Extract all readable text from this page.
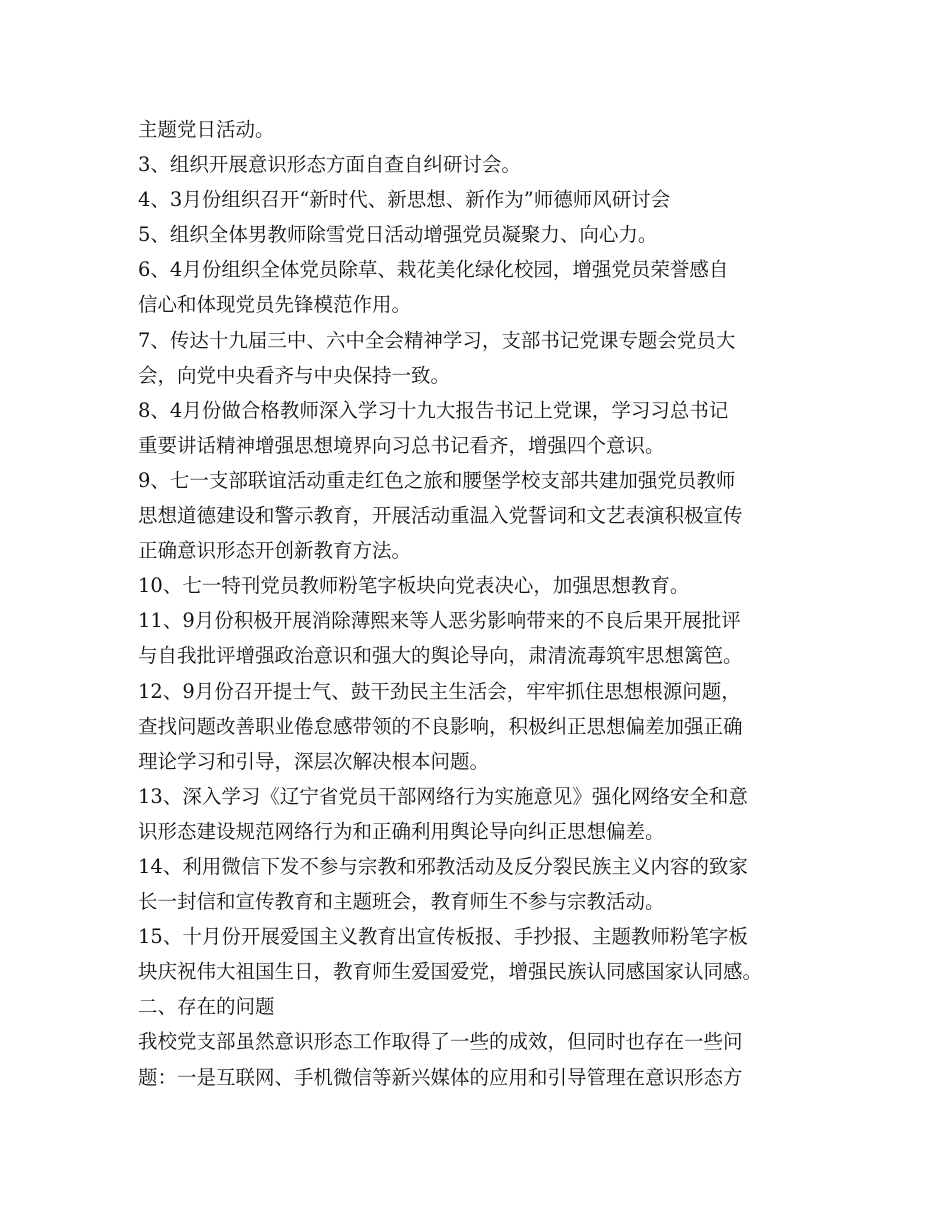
主题党日活动。
3、组织开展意识形态方面自查自纠研讨会。
4、3月份组织召开“新时代、新思想、新作为”师德师风研讨会
5、组织全体男教师除雪党日活动增强党员凝聚力、向心力。
6、4月份组织全体党员除草、栽花美化绿化校园，增强党员荣誉感自
信心和体现党员先锋模范作用。
7、传达十九届三中、六中全会精神学习，支部书记党课专题会党员大
会，向党中央看齐与中央保持一致。
8、4月份做合格教师深入学习十九大报告书记上党课，学习习总书记
重要讲话精神增强思想境界向习总书记看齐，增强四个意识。
9、七一支部联谊活动重走红色之旅和腰堡学校支部共建加强党员教师
思想道德建设和警示教育，开展活动重温入党誓词和文艺表演积极宣传
正确意识形态开创新教育方法。
10、七一特刊党员教师粉笔字板块向党表决心，加强思想教育。
11、9月份积极开展消除薄熙来等人恶劣影响带来的不良后果开展批评
与自我批评增强政治意识和强大的舆论导向，肃清流毒筑牢思想篱笆。
12、9月份召开提士气、鼓干劲民主生活会，牢牢抓住思想根源问题，
查找问题改善职业倦怠感带领的不良影响，积极纠正思想偏差加强正确
理论学习和引导，深层次解决根本问题。
13、深入学习《辽宁省党员干部网络行为实施意见》强化网络安全和意
识形态建设规范网络行为和正确利用舆论导向纠正思想偏差。
14、利用微信下发不参与宗教和邪教活动及反分裂民族主义内容的致家
长一封信和宣传教育和主题班会，教育师生不参与宗教活动。
15、十月份开展爱国主义教育出宣传板报、手抄报、主题教师粉笔字板
块庆祝伟大祖国生日，教育师生爱国爱党，增强民族认同感国家认同感。
二、存在的问题
我校党支部虽然意识形态工作取得了一些的成效，但同时也存在一些问
题：一是互联网、手机微信等新兴媒体的应用和引导管理在意识形态方
